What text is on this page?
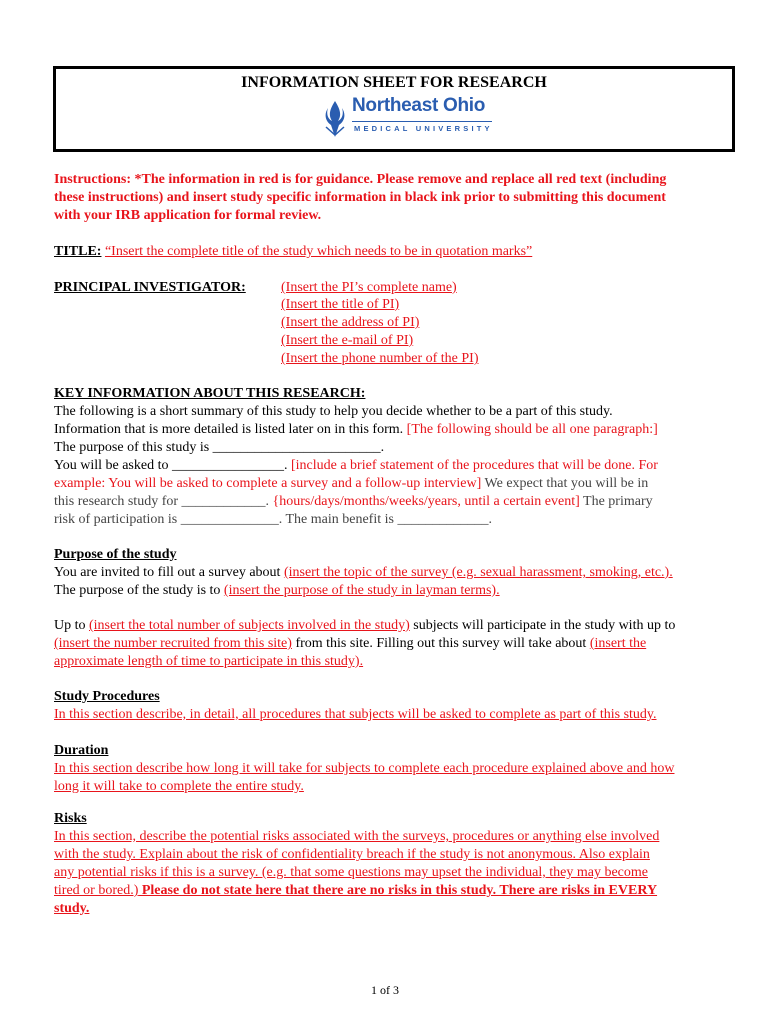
INFORMATION SHEET FOR RESEARCH
Northeast Ohio
MEDICAL UNIVERSITY
Instructions: *The information in red is for guidance. Please remove and replace all red text (including
these instructions) and insert study specific information in black ink prior to submitting this document
with your IRB application for formal review.
TITLE: “Insert the complete title of the study which needs to be in quotation marks”
PRINCIPAL INVESTIGATOR:	(Insert the PI’s complete name)
(Insert the title of PI)
(Insert the address of PI)
(Insert the e-mail of PI)
(Insert the phone number of the PI)
KEY INFORMATION ABOUT THIS RESEARCH:
The following is a short summary of this study to help you decide whether to be a part of this study.
Information that is more detailed is listed later on in this form. [The following should be all one paragraph:]
The purpose of this study is ________________________.
You will be asked to ________________. [include a brief statement of the procedures that will be done. For
example: You will be asked to complete a survey and a follow-up interview] We expect that you will be in
this research study for ____________. {hours/days/months/weeks/years, until a certain event] The primary
risk of participation is ______________. The main benefit is _____________.
Purpose of the study
You are invited to fill out a survey about (insert the topic of the survey (e.g. sexual harassment, smoking, etc.).
The purpose of the study is to (insert the purpose of the study in layman terms).
Up to (insert the total number of subjects involved in the study) subjects will participate in the study with up to
(insert the number recruited from this site) from this site. Filling out this survey will take about (insert the
approximate length of time to participate in this study).
Study Procedures
In this section describe, in detail, all procedures that subjects will be asked to complete as part of this study.
Duration
In this section describe how long it will take for subjects to complete each procedure explained above and how
long it will take to complete the entire study.
Risks
In this section, describe the potential risks associated with the surveys, procedures or anything else involved
with the study. Explain about the risk of confidentiality breach if the study is not anonymous. Also explain
any potential risks if this is a survey. (e.g. that some questions may upset the individual, they may become
tired or bored.) Please do not state here that there are no risks in this study. There are risks in EVERY
study.
1 of 3
